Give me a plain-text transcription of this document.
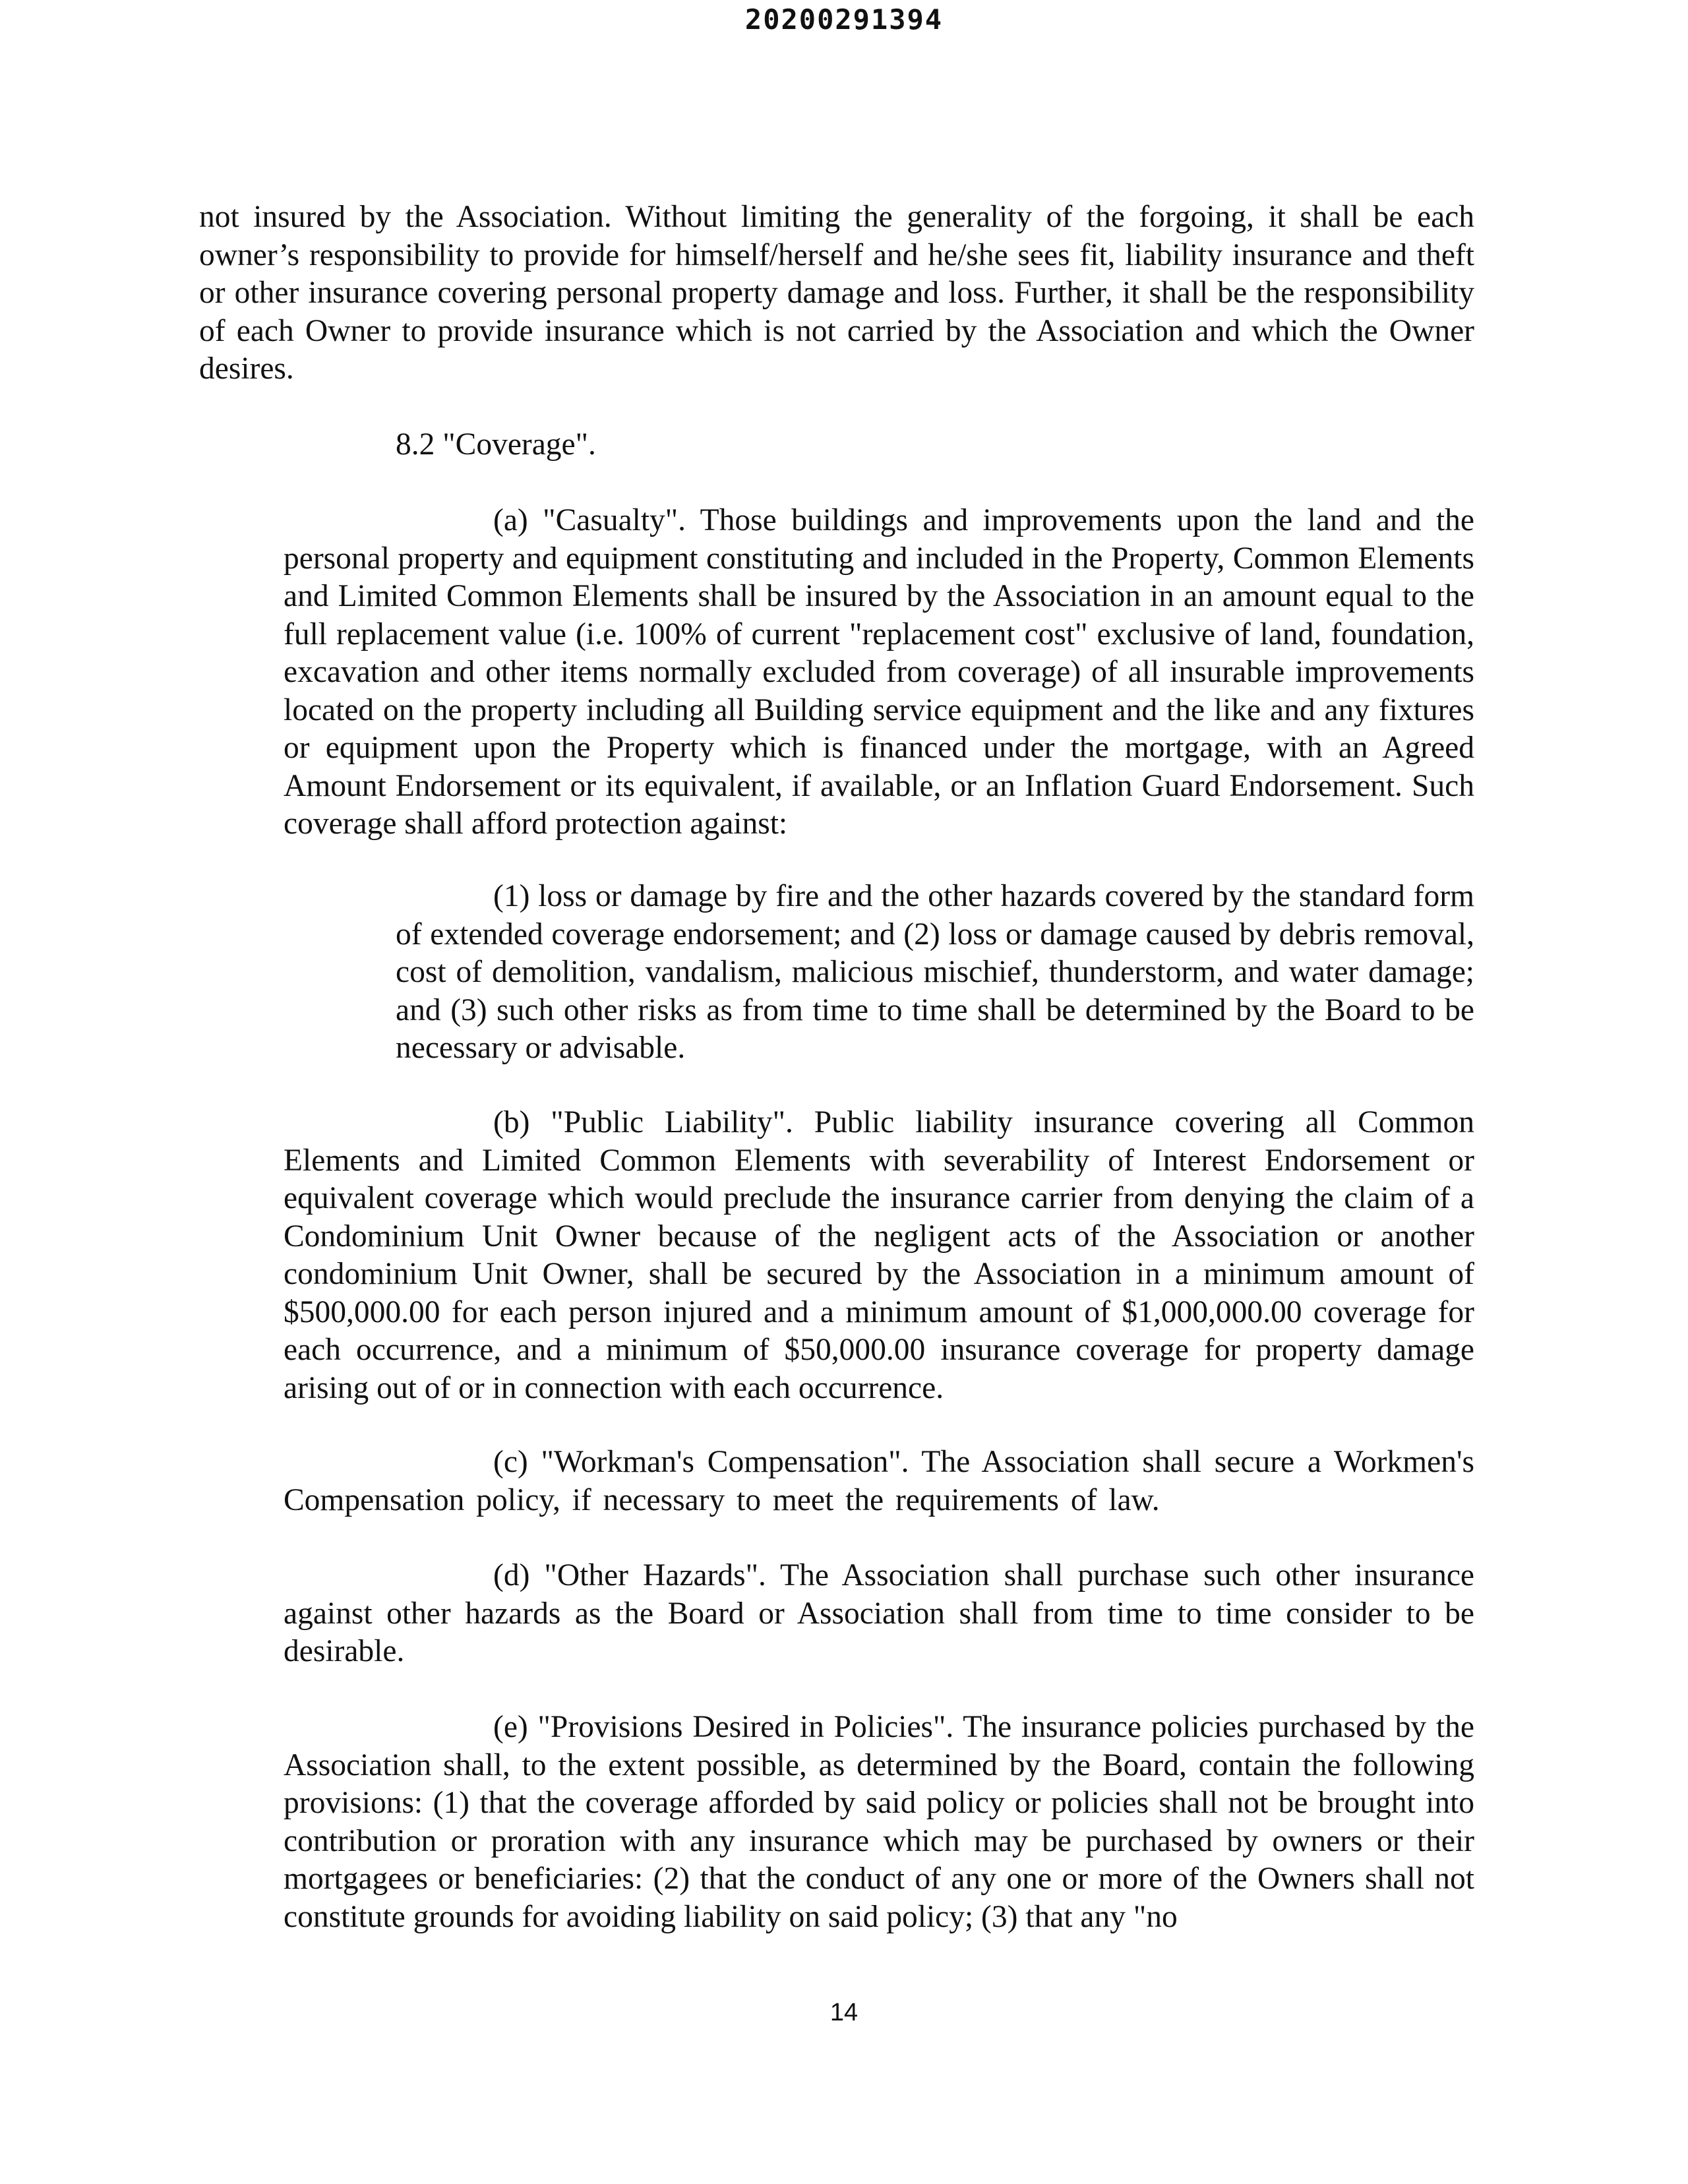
20200291394

not insured by the Association. Without limiting the generality of the forgoing, it shall be each owner’s responsibility to provide for himself/herself and he/she sees fit, liability insurance and theft or other insurance covering personal property damage and loss. Further, it shall be the responsibility of each Owner to provide insurance which is not carried by the Association and which the Owner desires.

8.2 "Coverage".

(a) "Casualty". Those buildings and improvements upon the land and the personal property and equipment constituting and included in the Property, Common Elements and Limited Common Elements shall be insured by the Association in an amount equal to the full replacement value (i.e. 100% of current "replacement cost" exclusive of land, foundation, excavation and other items normally excluded from coverage) of all insurable improvements located on the property including all Building service equipment and the like and any fixtures or equipment upon the Property which is financed under the mortgage, with an Agreed Amount Endorsement or its equivalent, if available, or an Inflation Guard Endorsement. Such coverage shall afford protection against:

(1) loss or damage by fire and the other hazards covered by the standard form of extended coverage endorsement; and (2) loss or damage caused by debris removal, cost of demolition, vandalism, malicious mischief, thunderstorm, and water damage; and (3) such other risks as from time to time shall be determined by the Board to be necessary or advisable.

(b) "Public Liability". Public liability insurance covering all Common Elements and Limited Common Elements with severability of Interest Endorsement or equivalent coverage which would preclude the insurance carrier from denying the claim of a Condominium Unit Owner because of the negligent acts of the Association or another condominium Unit Owner, shall be secured by the Association in a minimum amount of $500,000.00 for each person injured and a minimum amount of $1,000,000.00 coverage for each occurrence, and a minimum of $50,000.00 insurance coverage for property damage arising out of or in connection with each occurrence.

(c) "Workman's Compensation". The Association shall secure a Workmen's Compensation policy, if necessary to meet the requirements of law.

(d) "Other Hazards". The Association shall purchase such other insurance against other hazards as the Board or Association shall from time to time consider to be desirable.

(e) "Provisions Desired in Policies". The insurance policies purchased by the Association shall, to the extent possible, as determined by the Board, contain the following provisions: (1) that the coverage afforded by said policy or policies shall not be brought into contribution or proration with any insurance which may be purchased by owners or their mortgagees or beneficiaries: (2) that the conduct of any one or more of the Owners shall not constitute grounds for avoiding liability on said policy; (3) that any "no

14
